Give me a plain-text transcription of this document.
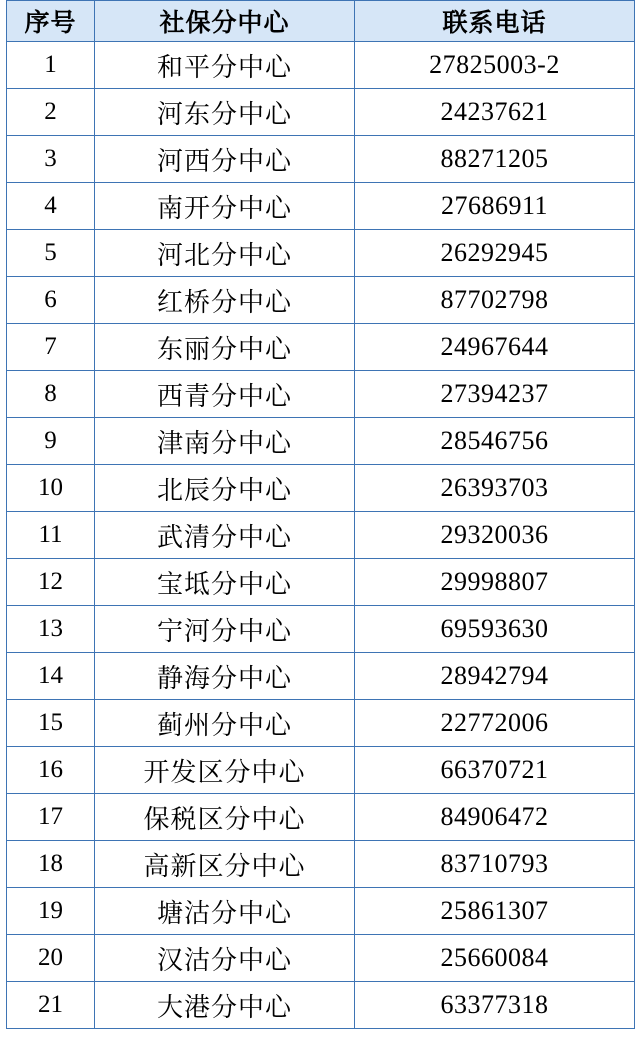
序号	社保分中心	联系电话
1	和平分中心	27825003-2
2	河东分中心	24237621
3	河西分中心	88271205
4	南开分中心	27686911
5	河北分中心	26292945
6	红桥分中心	87702798
7	东丽分中心	24967644
8	西青分中心	27394237
9	津南分中心	28546756
10	北辰分中心	26393703
11	武清分中心	29320036
12	宝坻分中心	29998807
13	宁河分中心	69593630
14	静海分中心	28942794
15	蓟州分中心	22772006
16	开发区分中心	66370721
17	保税区分中心	84906472
18	高新区分中心	83710793
19	塘沽分中心	25861307
20	汉沽分中心	25660084
21	大港分中心	63377318
